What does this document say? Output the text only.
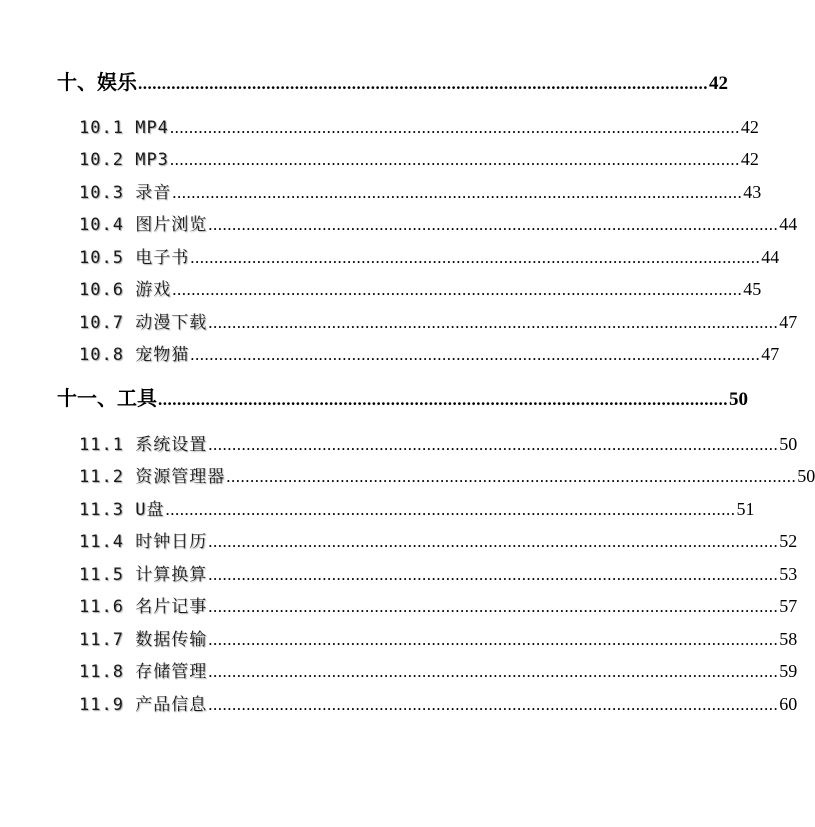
十、娱乐 ........................................................................................................................ 42
10.1 MP4 ........................................................................................................................ 42
10.2 MP3 ........................................................................................................................ 42
10.3 录音 ........................................................................................................................ 43
10.4 图片浏览 ........................................................................................................................ 44
10.5 电子书 ........................................................................................................................ 44
10.6 游戏 ........................................................................................................................ 45
10.7 动漫下载 ........................................................................................................................ 47
10.8 宠物猫 ........................................................................................................................ 47
十一、工具 ........................................................................................................................ 50
11.1 系统设置 ........................................................................................................................ 50
11.2 资源管理器 ........................................................................................................................ 50
11.3 U盘 ........................................................................................................................ 51
11.4 时钟日历 ........................................................................................................................ 52
11.5 计算换算 ........................................................................................................................ 53
11.6 名片记事 ........................................................................................................................ 57
11.7 数据传输 ........................................................................................................................ 58
11.8 存储管理 ........................................................................................................................ 59
11.9 产品信息 ........................................................................................................................ 60
